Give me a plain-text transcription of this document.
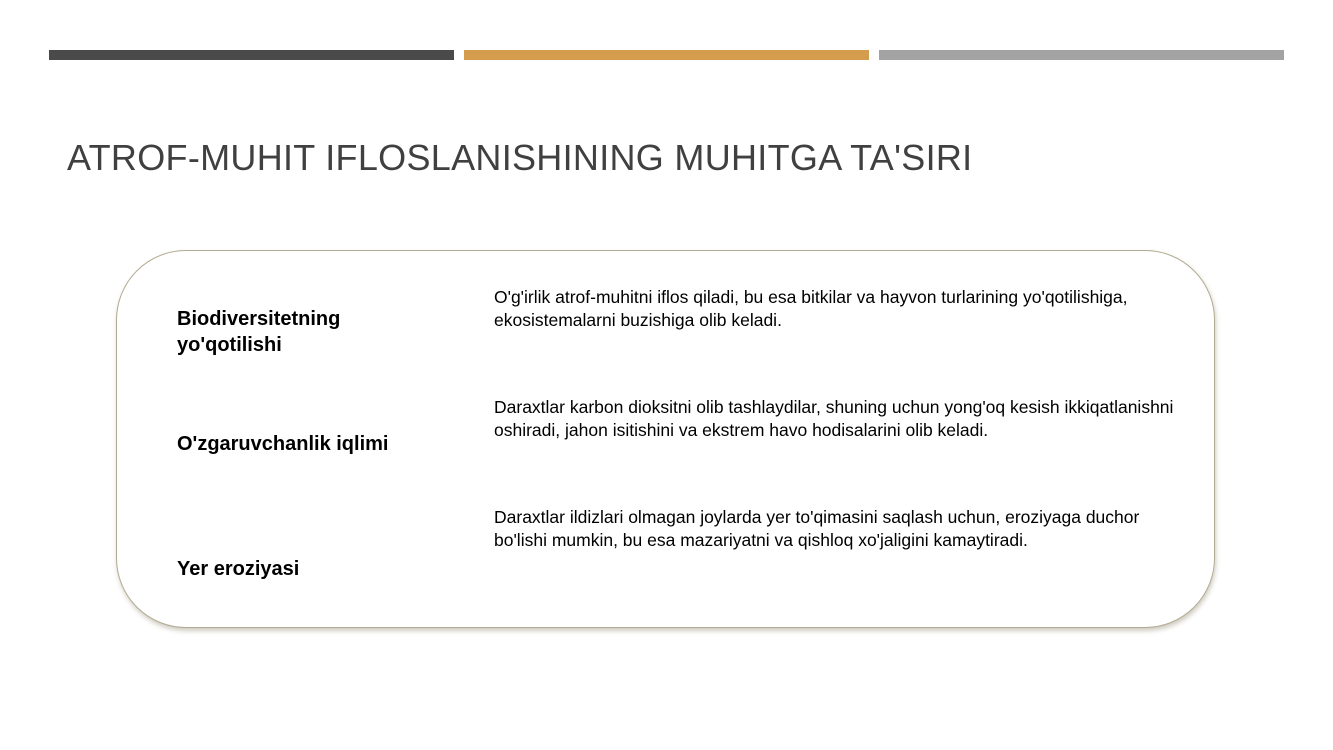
ATROF-MUHIT IFLOSLANISHINING MUHITGA TA'SIRI

Biodiversitetning yo'qotilishi

O'g'irlik atrof-muhitni iflos qiladi, bu esa bitkilar va hayvon turlarining yo'qotilishiga, ekosistemalarni buzishiga olib keladi.

O'zgaruvchanlik iqlimi

Daraxtlar karbon dioksitni olib tashlaydilar, shuning uchun yong'oq kesish ikkiqatlanishni oshiradi, jahon isitishini va ekstrem havo hodisalarini olib keladi.

Yer eroziyasi

Daraxtlar ildizlari olmagan joylarda yer to'qimasini saqlash uchun, eroziyaga duchor bo'lishi mumkin, bu esa mazariyatni va qishloq xo'jaligini kamaytiradi.
